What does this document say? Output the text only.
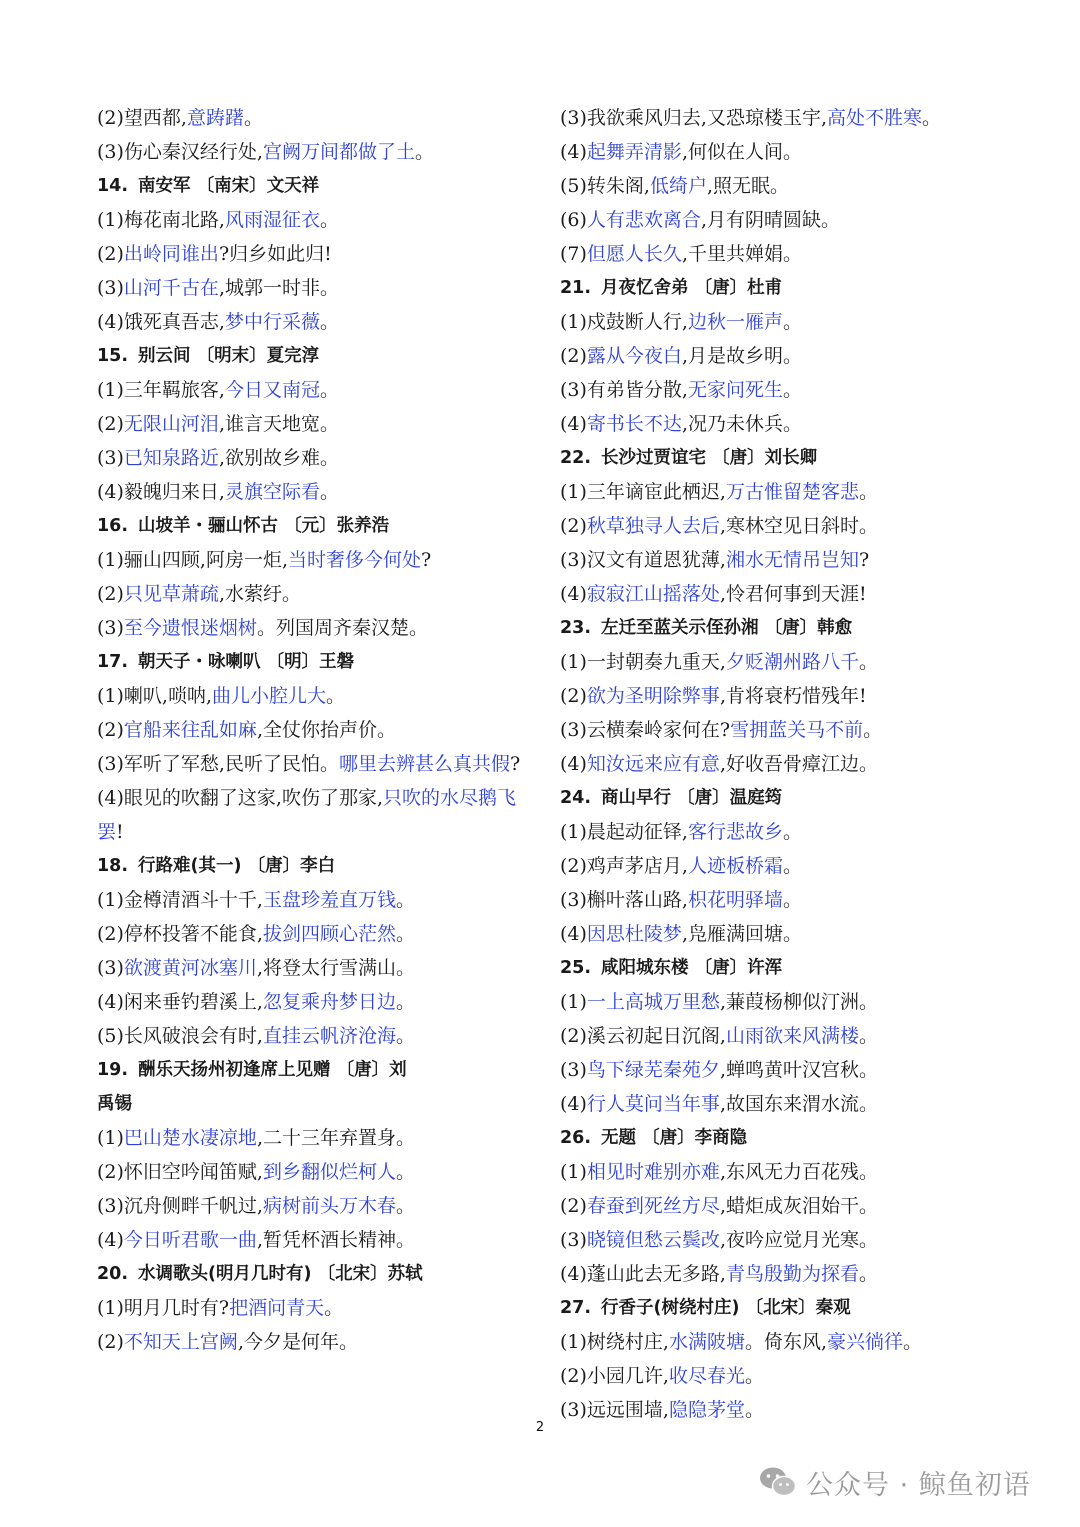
(2)望西都,意踌躇。
(3)伤心秦汉经行处,宫阙万间都做了土。
14. 南安军 〔南宋〕文天祥
(1)梅花南北路,风雨湿征衣。
(2)出岭同谁出?归乡如此归!
(3)山河千古在,城郭一时非。
(4)饿死真吾志,梦中行采薇。
15. 别云间 〔明末〕夏完淳
(1)三年羁旅客,今日又南冠。
(2)无限山河泪,谁言天地宽。
(3)已知泉路近,欲别故乡难。
(4)毅魄归来日,灵旗空际看。
16. 山坡羊・骊山怀古 〔元〕张养浩
(1)骊山四顾,阿房一炬,当时奢侈今何处?
(2)只见草萧疏,水萦纡。
(3)至今遗恨迷烟树。列国周齐秦汉楚。
17. 朝天子・咏喇叭 〔明〕王磐
(1)喇叭,唢呐,曲儿小腔儿大。
(2)官船来往乱如麻,全仗你抬声价。
(3)军听了军愁,民听了民怕。哪里去辨甚么真共假?
(4)眼见的吹翻了这家,吹伤了那家,只吹的水尽鹅飞罢!
18. 行路难(其一) 〔唐〕李白
(1)金樽清酒斗十千,玉盘珍羞直万钱。
(2)停杯投箸不能食,拔剑四顾心茫然。
(3)欲渡黄河冰塞川,将登太行雪满山。
(4)闲来垂钓碧溪上,忽复乘舟梦日边。
(5)长风破浪会有时,直挂云帆济沧海。
19. 酬乐天扬州初逢席上见赠 〔唐〕刘
禹锡
(1)巴山楚水凄凉地,二十三年弃置身。
(2)怀旧空吟闻笛赋,到乡翻似烂柯人。
(3)沉舟侧畔千帆过,病树前头万木春。
(4)今日听君歌一曲,暂凭杯酒长精神。
20. 水调歌头(明月几时有) 〔北宋〕苏轼
(1)明月几时有?把酒问青天。
(2)不知天上宫阙,今夕是何年。
(3)我欲乘风归去,又恐琼楼玉宇,高处不胜寒。
(4)起舞弄清影,何似在人间。
(5)转朱阁,低绮户,照无眠。
(6)人有悲欢离合,月有阴晴圆缺。
(7)但愿人长久,千里共婵娟。
21. 月夜忆舍弟 〔唐〕杜甫
(1)戍鼓断人行,边秋一雁声。
(2)露从今夜白,月是故乡明。
(3)有弟皆分散,无家问死生。
(4)寄书长不达,况乃未休兵。
22. 长沙过贾谊宅 〔唐〕刘长卿
(1)三年谪宦此栖迟,万古惟留楚客悲。
(2)秋草独寻人去后,寒林空见日斜时。
(3)汉文有道恩犹薄,湘水无情吊岂知?
(4)寂寂江山摇落处,怜君何事到天涯!
23. 左迁至蓝关示侄孙湘 〔唐〕韩愈
(1)一封朝奏九重天,夕贬潮州路八千。
(2)欲为圣明除弊事,肯将衰朽惜残年!
(3)云横秦岭家何在?雪拥蓝关马不前。
(4)知汝远来应有意,好收吾骨瘴江边。
24. 商山早行 〔唐〕温庭筠
(1)晨起动征铎,客行悲故乡。
(2)鸡声茅店月,人迹板桥霜。
(3)槲叶落山路,枳花明驿墙。
(4)因思杜陵梦,凫雁满回塘。
25. 咸阳城东楼 〔唐〕许浑
(1)一上高城万里愁,蒹葭杨柳似汀洲。
(2)溪云初起日沉阁,山雨欲来风满楼。
(3)鸟下绿芜秦苑夕,蝉鸣黄叶汉宫秋。
(4)行人莫问当年事,故国东来渭水流。
26. 无题 〔唐〕李商隐
(1)相见时难别亦难,东风无力百花残。
(2)春蚕到死丝方尽,蜡炬成灰泪始干。
(3)晓镜但愁云鬓改,夜吟应觉月光寒。
(4)蓬山此去无多路,青鸟殷勤为探看。
27. 行香子(树绕村庄) 〔北宋〕秦观
(1)树绕村庄,水满陂塘。倚东风,豪兴徜徉。
(2)小园几许,收尽春光。
(3)远远围墙,隐隐茅堂。
2
公众号 · 鲸鱼初语
